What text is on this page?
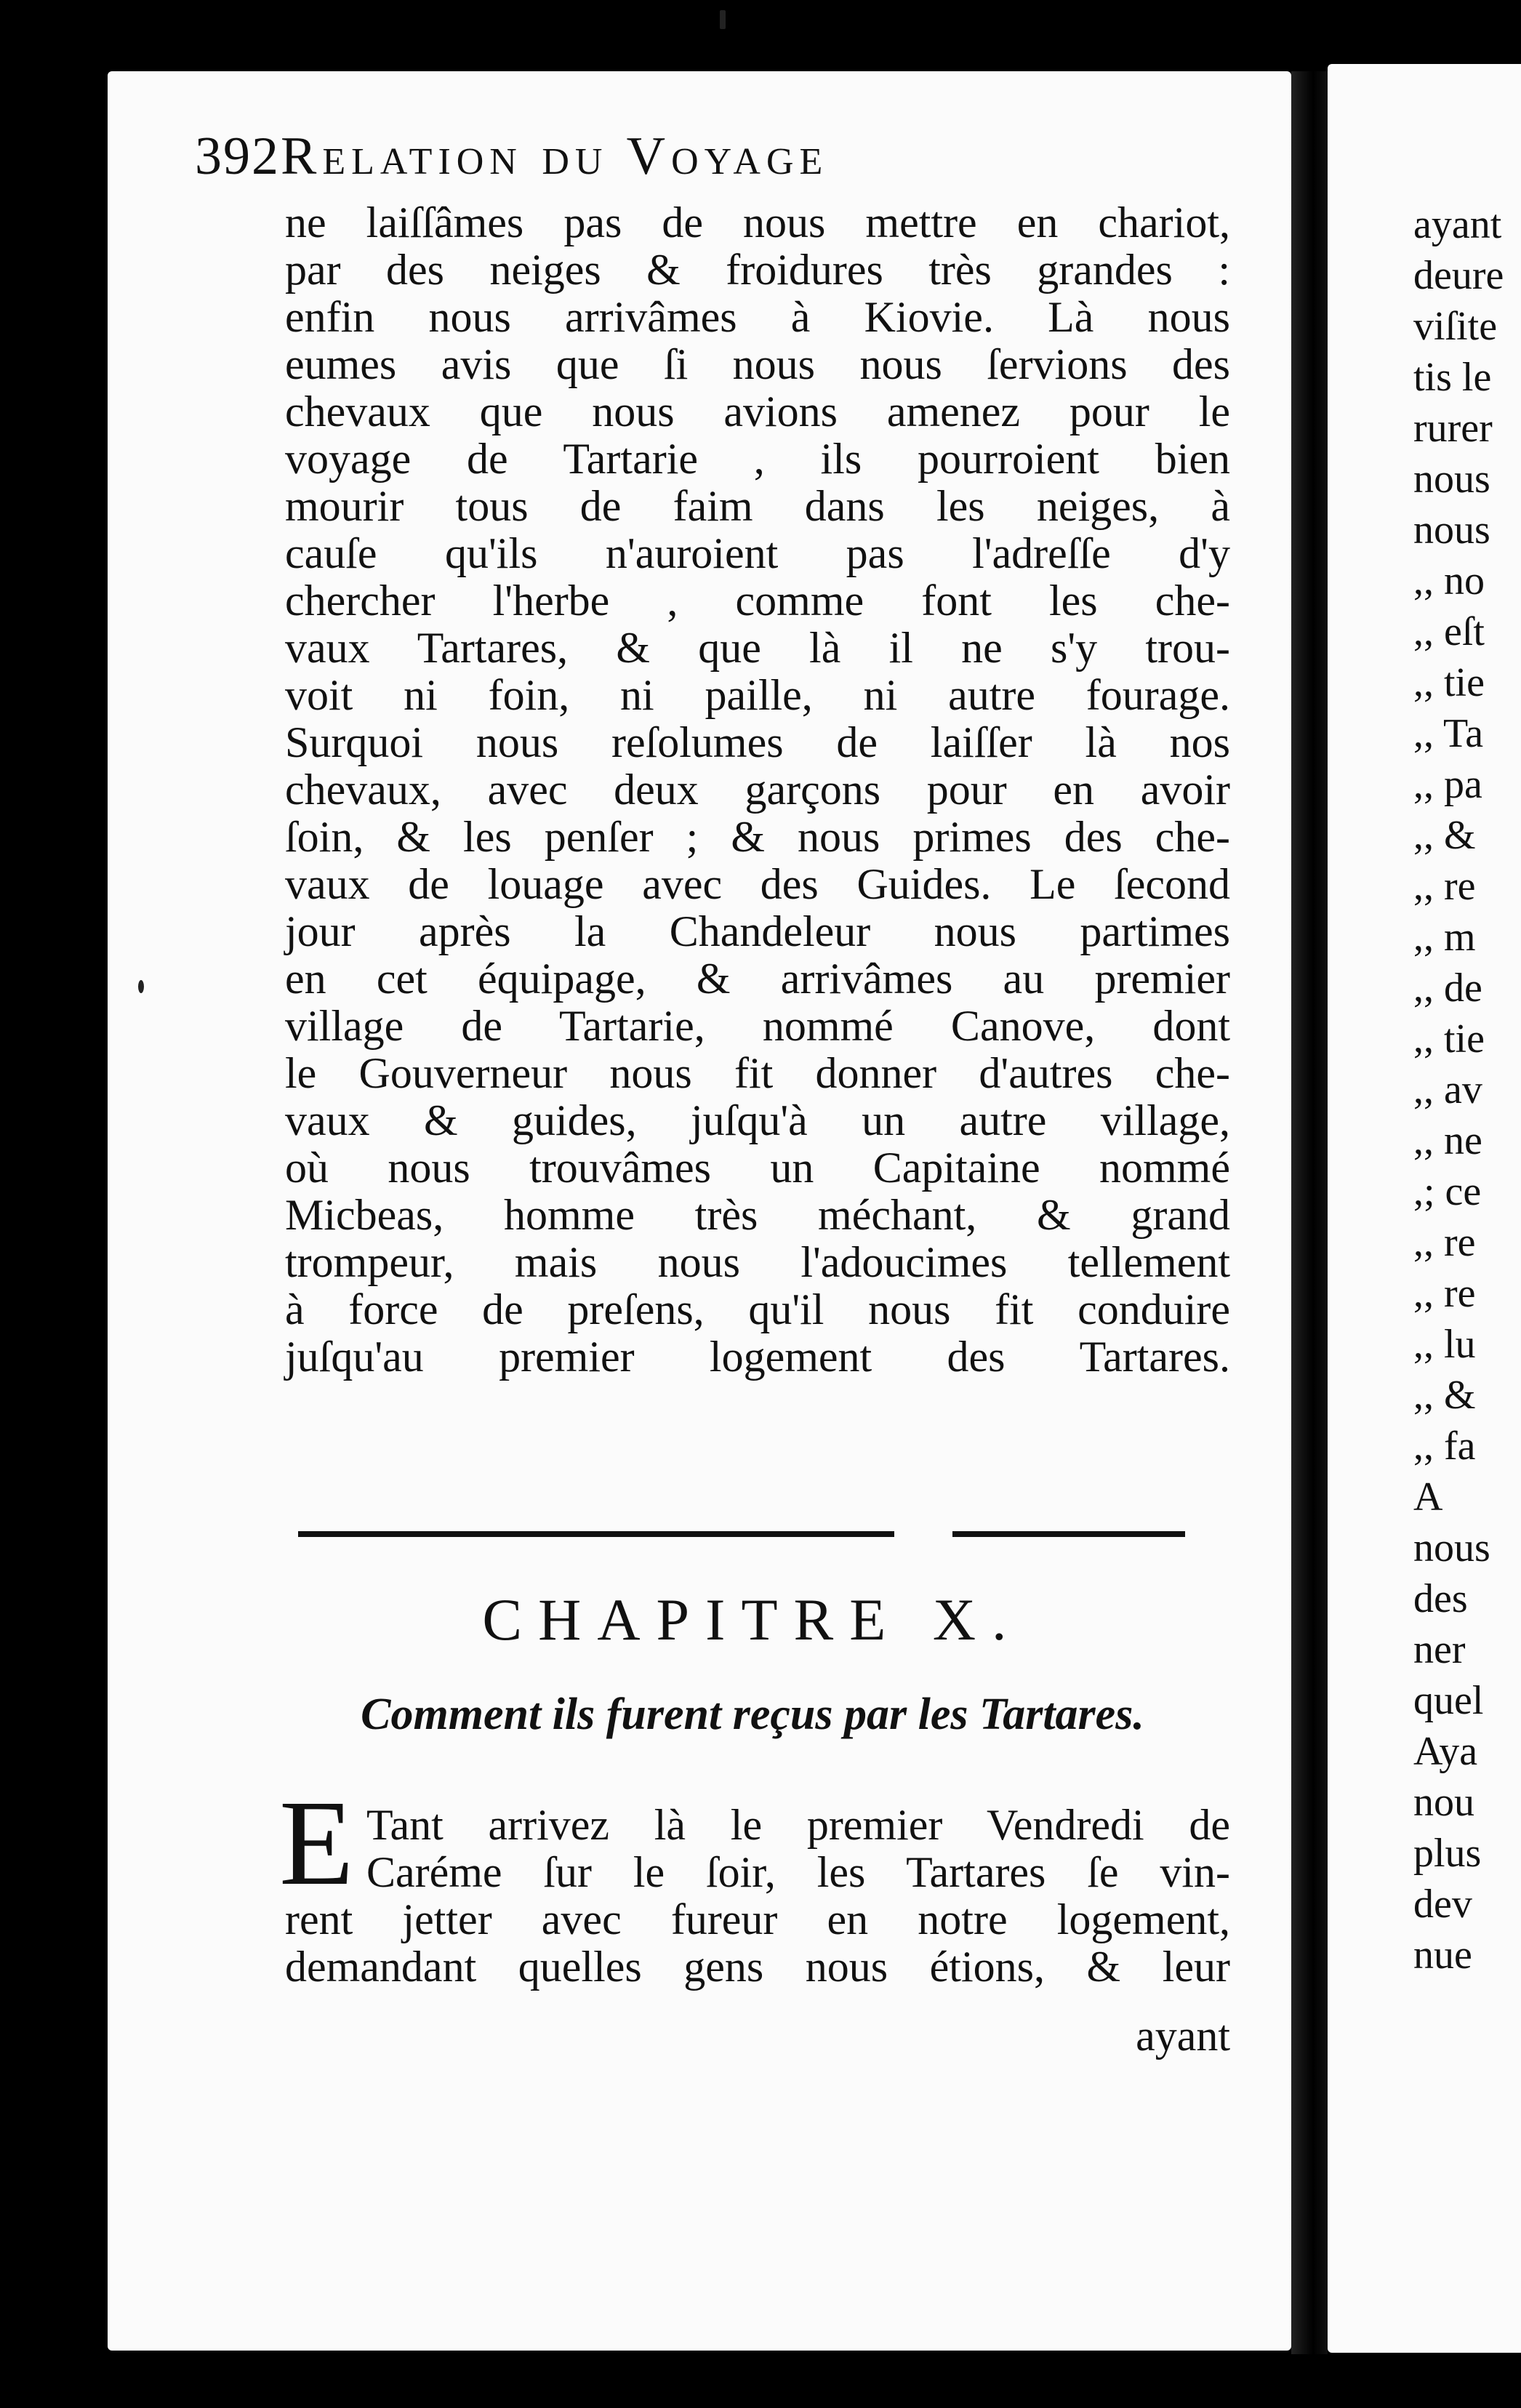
392 Relation du Voyage
ne laiſſâmes pas de nous mettre en chariot,
par des neiges & froidures très grandes :
enfin nous arrivâmes à Kiovie. Là nous
eumes avis que ſi nous nous ſervions des
chevaux que nous avions amenez pour le
voyage de Tartarie , ils pourroient bien
mourir tous de faim dans les neiges, à
cauſe qu'ils n'auroient pas l'adreſſe d'y
chercher l'herbe , comme font les che-
vaux Tartares, & que là il ne s'y trou-
voit ni foin, ni paille, ni autre fourage.
Surquoi nous reſolumes de laiſſer là nos
chevaux, avec deux garçons pour en avoir
ſoin, & les penſer ; & nous primes des che-
vaux de louage avec des Guides. Le ſecond
jour après la Chandeleur nous partimes
en cet équipage, & arrivâmes au premier
village de Tartarie, nommé Canove, dont
le Gouverneur nous fit donner d'autres che-
vaux & guides, juſqu'à un autre village,
où nous trouvâmes un Capitaine nommé
Micbeas, homme très méchant, & grand
trompeur, mais nous l'adoucimes tellement
à force de preſens, qu'il nous fit conduire
juſqu'au premier logement des Tartares.
CHAPITRE X.
Comment ils furent reçus par les Tartares.
E Tant arrivez là le premier Vendredi de
Caréme ſur le ſoir, les Tartares ſe vin-
rent jetter avec fureur en notre logement,
demandant quelles gens nous étions, & leur
ayant
ayant
deure
viſite
tis le
rurer
nous
nous
,, no
,, eſt
,, tie
,, Ta
,, pa
,, &
,, re
,, m
,, de
,, tie
,, av
,, ne
,; ce
,, re
,, re
,, lu
,, &
,, fa
A
nous
des
ner
quel
Aya
nou
plus
dev
nue
